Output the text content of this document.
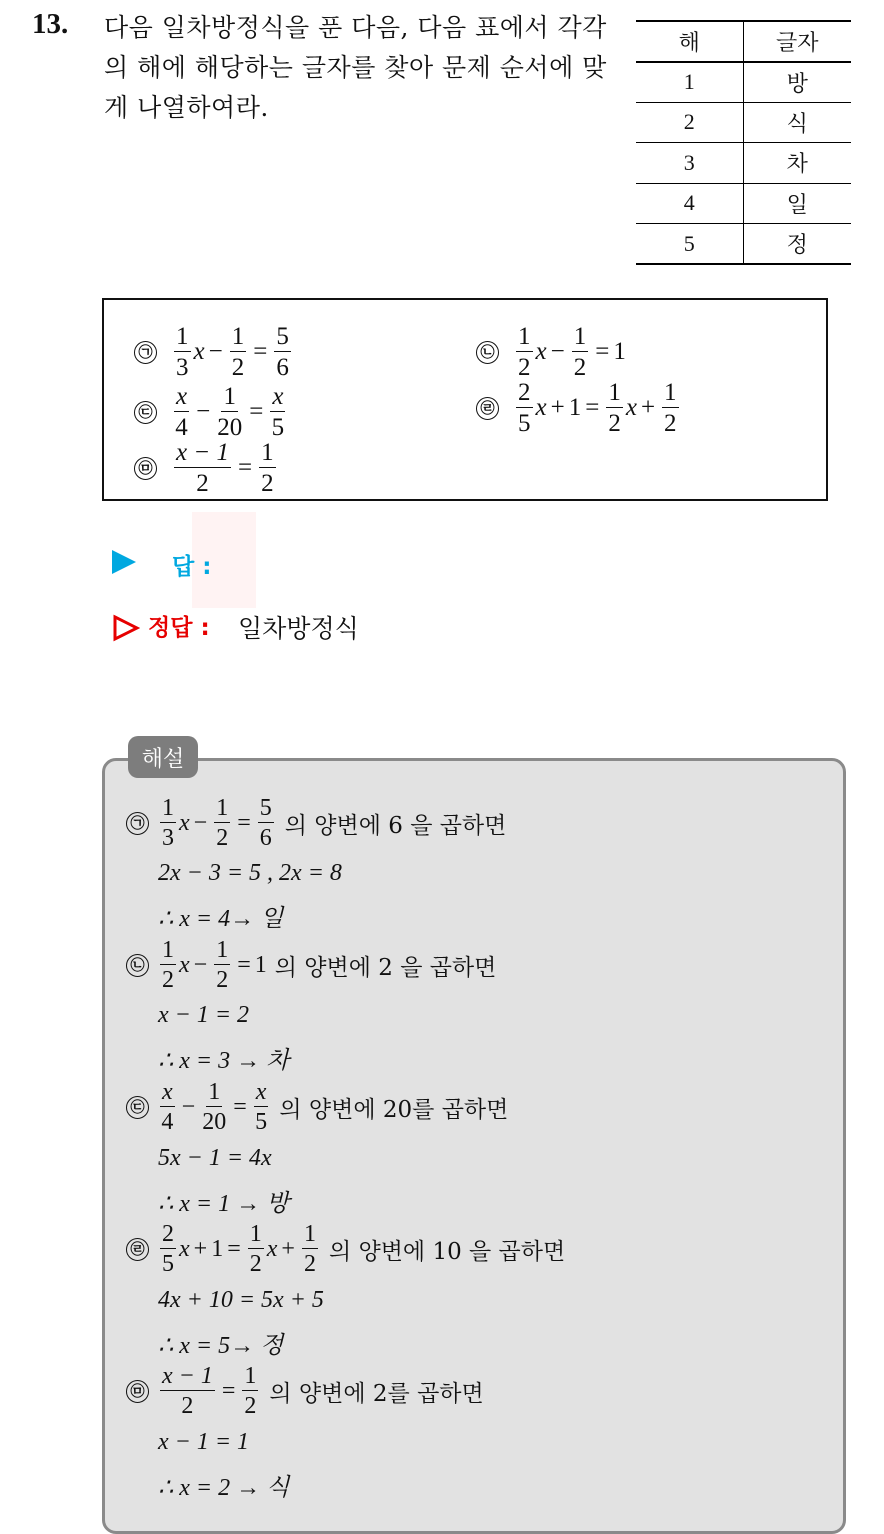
13. 다음 일차방정식을 푼 다음, 다음 표에서 각각의 해에 해당하는 글자를 찾아 문제 순서에 맞게 나열하여라.
해	글자
1	방
2	식
3	차
4	일
5	정
㉠ $\frac{1}{3}$ $x - \frac{1}{2} = \frac{5}{6}$	㉡ $\frac{1}{2}$ $x - \frac{1}{2} = 1$
㉢ $\frac{x}{4} - \frac{1}{20} = \frac{x}{5}$	㉣ $\frac{2}{5}$ $x + 1 = \frac{1}{2}$ $x + \frac{1}{2}$
㉤ $\frac{x - 1}{2} = \frac{1}{2}$
답 :
정답 : 일차방정식
해설
㉠ $\frac{1}{3}$ $x - \frac{1}{2} = \frac{5}{6}$ 의 양변에 6 을 곱하면
2x − 3 = 5 , 2x = 8
∴ x = 4→ 일
㉡ $\frac{1}{2}$ $x - \frac{1}{2} = 1$ 의 양변에 2 을 곱하면
x − 1 = 2
∴ x = 3 → 차
㉢ $\frac{x}{4} - \frac{1}{20} = \frac{x}{5}$ 의 양변에 20를 곱하면
5x − 1 = 4x
∴ x = 1 → 방
㉣ $\frac{2}{5}$ $x + 1 = \frac{1}{2}$ $x + \frac{1}{2}$ 의 양변에 10 을 곱하면
4x + 10 = 5x + 5
∴ x = 5→ 정
㉤ $\frac{x - 1}{2} = \frac{1}{2}$ 의 양변에 2를 곱하면
x − 1 = 1
∴ x = 2 → 식
